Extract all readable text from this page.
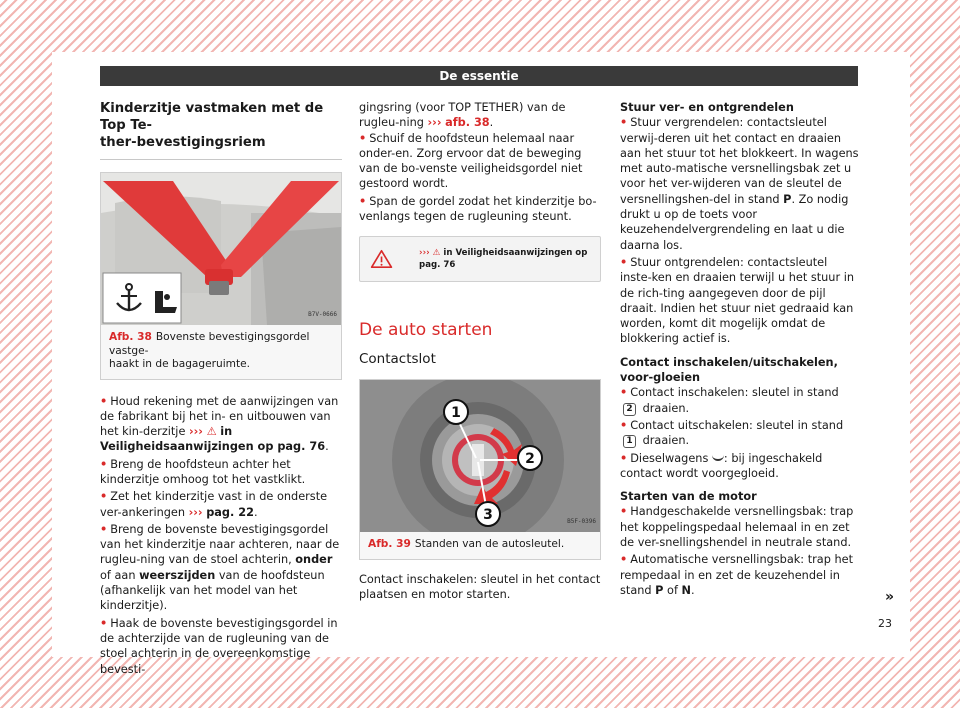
De essentie
Kinderzitje vastmaken met de Top Te-
ther-bevestigingsriem
B7V-0666
Afb. 38 Bovenste bevestigingsgordel vastge-
haakt in de bagageruimte.

• Houd rekening met de aanwijzingen van de fabrikant bij het in- en uitbouwen van het kin-derzitje ››› ⚠ in Veiligheidsaanwijzingen op pag. 76.

• Breng de hoofdsteun achter het kinderzitje omhoog tot het vastklikt.

• Zet het kinderzitje vast in de onderste ver-ankeringen ››› pag. 22.

• Breng de bovenste bevestigingsgordel van het kinderzitje naar achteren, naar de rugleu-ning van de stoel achterin, onder of aan weerszijden van de hoofdsteun (afhankelijk van het model van het kinderzitje).

• Haak de bovenste bevestigingsgordel in de achterzijde van de rugleuning van de stoel achterin in de overeenkomstige bevesti-

gingsring (voor TOP TETHER) van de rugleu-ning ››› afb. 38.

• Schuif de hoofdsteun helemaal naar onder-en. Zorg ervoor dat de beweging van de bo-venste veiligheidsgordel niet gestoord wordt.

• Span de gordel zodat het kinderzitje bo-venlangs tegen de rugleuning steunt.

››› ⚠ in Veiligheidsaanwijzingen op pag. 76
De auto starten
Contactslot
1
2
3	B5F-0396
Afb. 39 Standen van de autosleutel.

Contact inschakelen: sleutel in het contact plaatsen en motor starten.

Stuur ver- en ontgrendelen

• Stuur vergrendelen: contactsleutel verwij-deren uit het contact en draaien aan het stuur tot het blokkeert. In wagens met auto-matische versnellingsbak zet u voor het ver-wijderen van de sleutel de versnellingshen-del in stand P. Zo nodig drukt u op de toets voor keuzehendelvergrendeling en laat u die daarna los.

• Stuur ontgrendelen: contactsleutel inste-ken en draaien terwijl u het stuur in de rich-ting aangegeven door de pijl draait. Indien het stuur niet gedraaid kan worden, komt dit mogelijk omdat de blokkering actief is.

Contact inschakelen/uitschakelen, voor-gloeien

• Contact inschakelen: sleutel in stand 2 draaien.

• Contact uitschakelen: sleutel in stand 1 draaien.

• Dieselwagens : bij ingeschakeld contact wordt voorgegloeid.

Starten van de motor

• Handgeschakelde versnellingsbak: trap het koppelingspedaal helemaal in en zet de ver-snellingshendel in neutrale stand.

• Automatische versnellingsbak: trap het rempedaal in en zet de keuzehendel in stand P of N.	»
23
